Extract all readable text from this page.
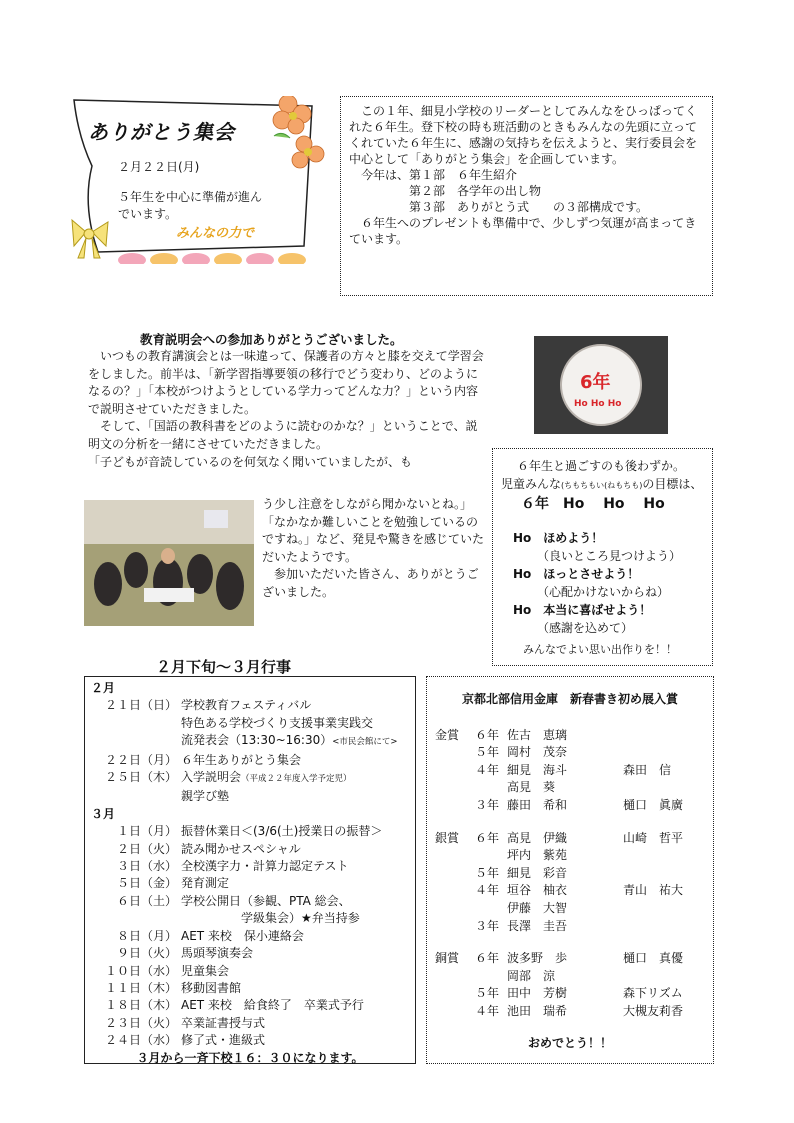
ありがとう集会
２月２２日(月)
５年生を中心に準備が進ん
でいます。
みんなの力で

　この１年、細見小学校のリーダーとしてみんなをひっぱってくれた６年生。登下校の時も班活動のときもみんなの先頭に立ってくれていた６年生に、感謝の気持ちを伝えようと、実行委員会を中心として「ありがとう集会」を企画しています。

　今年は、第１部　６年生紹介

　　　　　第２部　各学年の出し物

　　　　　第３部　ありがとう式　　の３部構成です。

　６年生へのプレゼントも準備中で、少しずつ気運が高まってきています。

教育説明会への参加ありがとうございました。

　いつもの教育講演会とは一味違って、保護者の方々と膝を交えて学習会をしました。前半は、「新学習指導要領の移行でどう変わり、どのようになるの？」「本校がつけようとしている学力ってどんな力？」という内容で説明させていただきました。

　そして、「国語の教科書をどのように読むのかな？」ということで、説明文の分析を一緒にさせていただきました。

「子どもが音読しているのを何気なく聞いていましたが、も

う少し注意をしながら聞かないとね。」「なかなか難しいことを勉強しているのですね。」など、発見や驚きを感じていただいたようです。

　参加いただいた皆さん、ありがとうございました。

6年
Ho Ho Ho

６年生と過ごすのも後わずか。

児童みんな(ちもちもい(ねもちも)の目標は、

６年　Ho　 Ho　 Ho

Ho　ほめよう！

（良いところ見つけよう）

Ho　ほっとさせよう！

（心配かけないからね）

Ho　本当に喜ばせよう！

（感謝を込めて）

みんなでよい思い出作りを！！

２月下旬～３月行事
２月
２１日（日） 学校教育フェスティバル
特色ある学校づくり支援事業実践交
流発表会（13:30~16:30）<市民会館にて>
２２日（月） ６年生ありがとう集会
２５日（木） 入学説明会（平成２２年度入学予定児）
親学び塾
３月
１日（月） 振替休業日＜(3/6(土)授業日の振替＞
２日（火） 読み聞かせスペシャル
３日（水） 全校漢字力・計算力認定テスト
５日（金） 発育測定
６日（土） 学校公開日（参観、PTA 総会、
　　　　　学級集会）★弁当持参
８日（月） AET 来校　保小連絡会
９日（火） 馬頭琴演奏会
１０日（水） 児童集会
１１日（木） 移動図書館
１８日（木） AET 来校　給食終了　卒業式予行
２３日（火） 卒業証書授与式
２４日（水） 修了式・進級式
３月から一斉下校１６：３０になります。
京都北部信用金庫　新春書き初め展入賞
金賞	６年 佐古　恵璃
５年 岡村　茂奈
４年 細見　海斗	森田　信
高見　葵
３年 藤田　希和	樋口　眞廣
銀賞	６年 高見　伊織	山崎　哲平
坪内　紫苑
５年 細見　彩音
４年 垣谷　柚衣	青山　祐大
伊藤　大智
３年 長澤　圭吾
銅賞	６年 波多野　歩	樋口　真優
岡部　涼
５年 田中　芳樹	森下リズム
４年 池田　瑞希	大槻友莉香
おめでとう！！
